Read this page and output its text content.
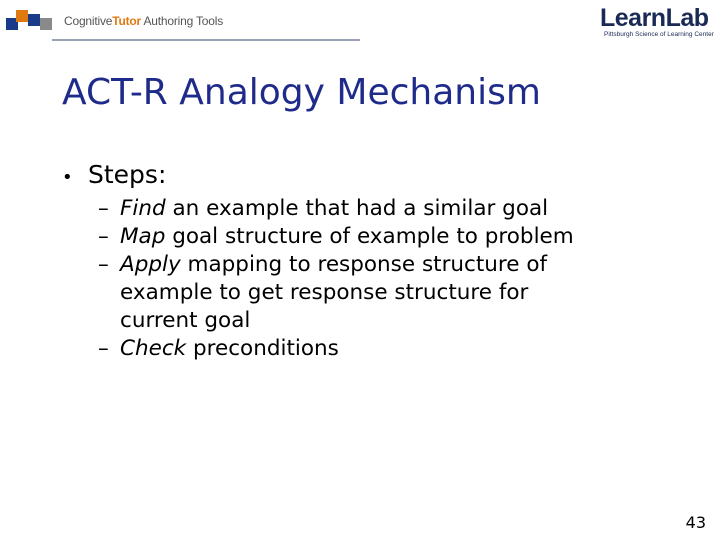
CognitiveTutor Authoring Tools	LearnLab
Pittsburgh Science of Learning Center
ACT-R Analogy Mechanism
• Steps:
– Find an example that had a similar goal
– Map goal structure of example to problem
– Apply mapping to response structure of example to get response structure for current goal
– Check preconditions
43
